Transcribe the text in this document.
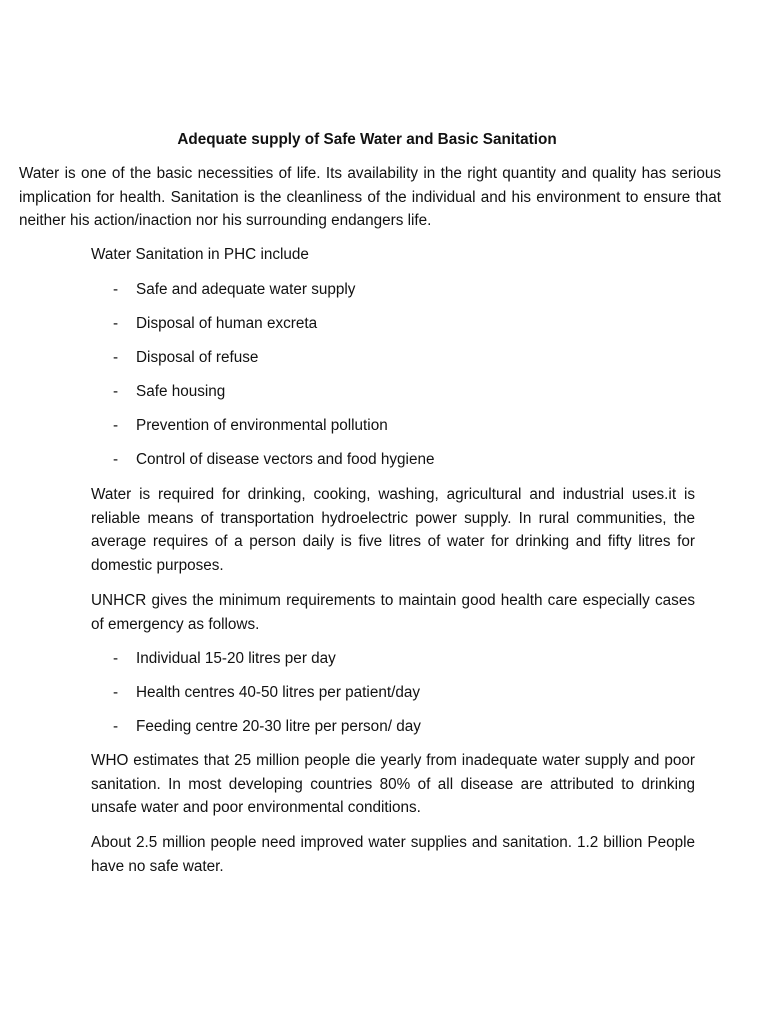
Adequate supply of Safe Water and Basic Sanitation

Water is one of the basic necessities of life. Its availability in the right quantity and quality has serious implication for health. Sanitation is the cleanliness of the individual and his environment to ensure that neither his action/inaction nor his surrounding endangers life.

Water Sanitation in PHC include

- Safe and adequate water supply

- Disposal of human excreta

- Disposal of refuse

- Safe housing

- Prevention of environmental pollution

- Control of disease vectors and food hygiene

Water is required for drinking, cooking, washing, agricultural and industrial uses.it is reliable means of transportation hydroelectric power supply. In rural communities, the average requires of a person daily is five litres of water for drinking and fifty litres for domestic purposes.

UNHCR gives the minimum requirements to maintain good health care especially cases of emergency as follows.

- Individual 15-20 litres per day

- Health centres 40-50 litres per patient/day

- Feeding centre 20-30 litre per person/ day

WHO estimates that 25 million people die yearly from inadequate water supply and poor sanitation. In most developing countries 80% of all disease are attributed to drinking unsafe water and poor environmental conditions.

About 2.5 million people need improved water supplies and sanitation. 1.2 billion People have no safe water.
